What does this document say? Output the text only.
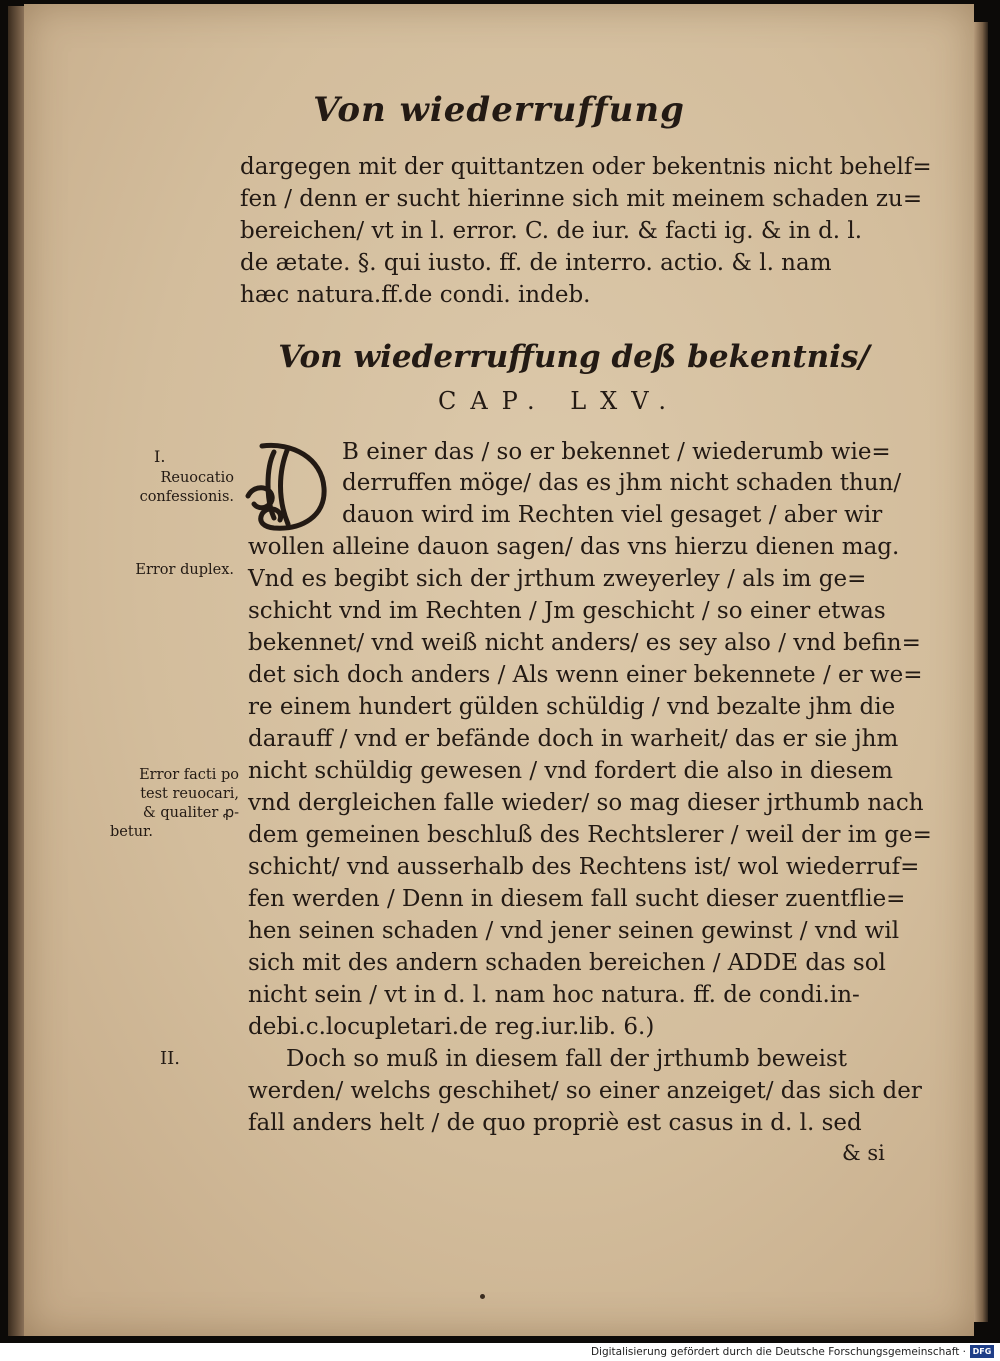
Von wiederruffung
dargegen mit der quittantzen oder bekentnis nicht behelf=
fen / denn er sucht hierinne sich mit meinem schaden zu=
bereichen/ vt in l. error. C. de iur. & facti ig. & in d. l.
de ætate. §. qui iusto. ff. de interro. actio. & l. nam
hæc natura.ff.de condi. indeb.
Von wiederruffung deß bekentnis/
CAP. LXV.
I.
Reuocatio
confessionis.
Error duplex.
Error facti po
test reuocari,
& qualiter ꝓ-
betur.
II.
O
B einer das / so er bekennet / wiederumb wie=
derruffen möge/ das es jhm nicht schaden thun/
dauon wird im Rechten viel gesaget / aber wir
wollen alleine dauon sagen/ das vns hierzu dienen mag.
Vnd es begibt sich der jrthum zweyerley / als im ge=
schicht vnd im Rechten / Jm geschicht / so einer etwas
bekennet/ vnd weiß nicht anders/ es sey also / vnd befin=
det sich doch anders / Als wenn einer bekennete / er we=
re einem hundert gülden schüldig / vnd bezalte jhm die
darauff / vnd er befände doch in warheit/ das er sie jhm
nicht schüldig gewesen / vnd fordert die also in diesem
vnd dergleichen falle wieder/ so mag dieser jrthumb nach
dem gemeinen beschluß des Rechtslerer / weil der im ge=
schicht/ vnd ausserhalb des Rechtens ist/ wol wiederruf=
fen werden / Denn in diesem fall sucht dieser zuentflie=
hen seinen schaden / vnd jener seinen gewinst / vnd wil
sich mit des andern schaden bereichen / ADDE das sol
nicht sein / vt in d. l. nam hoc natura. ff. de condi.in-
debi.c.locupletari.de reg.iur.lib. 6.)
Doch so muß in diesem fall der jrthumb beweist
werden/ welchs geschihet/ so einer anzeiget/ das sich der
fall anders helt / de quo propriè est casus in d. l. sed
& si
Digitalisierung gefördert durch die Deutsche Forschungsgemeinschaft · DFG
